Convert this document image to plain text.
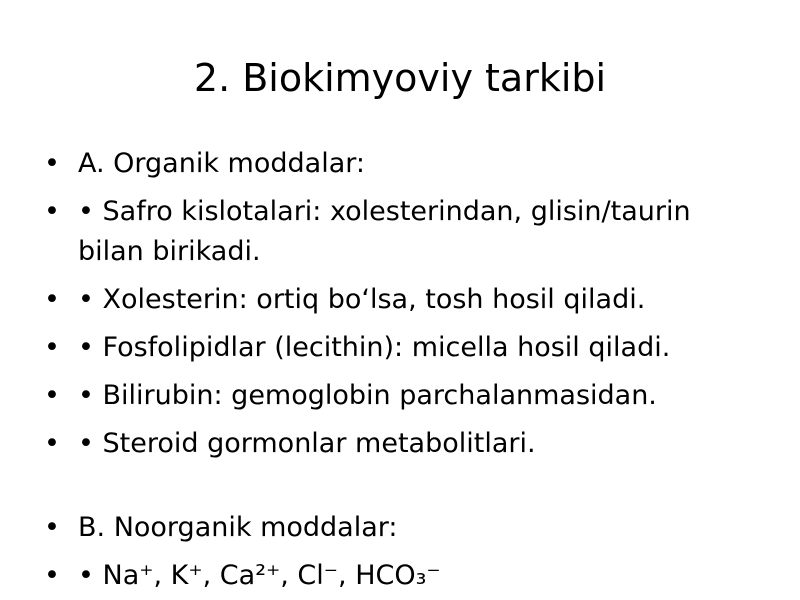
2. Biokimyoviy tarkibi
• A. Organik moddalar:
• • Safro kislotalari: xolesterindan, glisin/taurin bilan birikadi.
• • Xolesterin: ortiq bo‘lsa, tosh hosil qiladi.
• • Fosfolipidlar (lecithin): micella hosil qiladi.
• • Bilirubin: gemoglobin parchalanmasidan.
• • Steroid gormonlar metabolitlari.
• B. Noorganik moddalar:
• • Na⁺, K⁺, Ca²⁺, Cl⁻, HCO₃⁻
